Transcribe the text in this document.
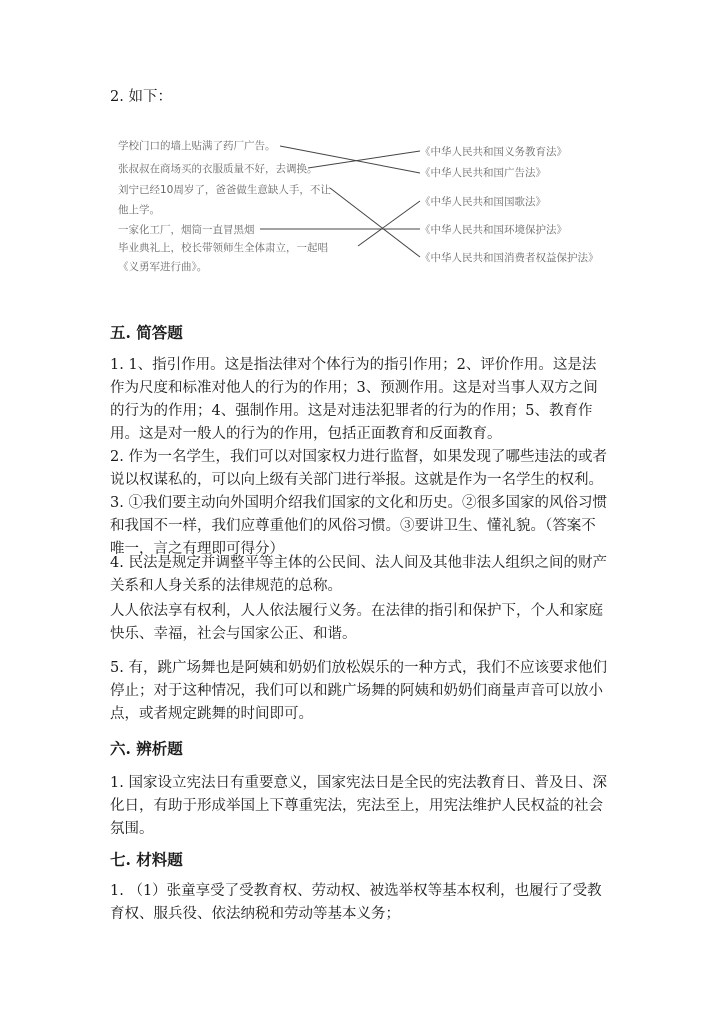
2. 如下：

学校门口的墙上贴满了药厂广告。
张叔叔在商场买的衣服质量不好，去调换。
刘宁已经10周岁了，爸爸做生意缺人手，不让
他上学。
一家化工厂，烟筒一直冒黑烟
毕业典礼上，校长带领师生全体肃立，一起唱
《义勇军进行曲》。
《中华人民共和国义务教育法》
《中华人民共和国广告法》
《中华人民共和国国歌法》
《中华人民共和国环境保护法》
《中华人民共和国消费者权益保护法》
五. 简答题

1. 1、指引作用。这是指法律对个体行为的指引作用；2、评价作用。这是法作为尺度和标准对他人的行为的作用；3、预测作用。这是对当事人双方之间的行为的作用；4、强制作用。这是对违法犯罪者的行为的作用；5、教育作用。这是对一般人的行为的作用，包括正面教育和反面教育。

2. 作为一名学生，我们可以对国家权力进行监督，如果发现了哪些违法的或者说以权谋私的，可以向上级有关部门进行举报。这就是作为一名学生的权利。

3. ①我们要主动向外国明介绍我们国家的文化和历史。②很多国家的风俗习惯和我国不一样，我们应尊重他们的风俗习惯。③要讲卫生、懂礼貌。（答案不唯一，言之有理即可得分）

4. 民法是规定并调整平等主体的公民间、法人间及其他非法人组织之间的财产关系和人身关系的法律规范的总称。

人人依法享有权利，人人依法履行义务。在法律的指引和保护下，个人和家庭快乐、幸福，社会与国家公正、和谐。

5. 有，跳广场舞也是阿姨和奶奶们放松娱乐的一种方式，我们不应该要求他们停止；对于这种情况，我们可以和跳广场舞的阿姨和奶奶们商量声音可以放小点，或者规定跳舞的时间即可。

六. 辨析题

1. 国家设立宪法日有重要意义，国家宪法日是全民的宪法教育日、普及日、深化日，有助于形成举国上下尊重宪法，宪法至上，用宪法维护人民权益的社会氛围。

七. 材料题

1. （1）张童享受了受教育权、劳动权、被选举权等基本权利，也履行了受教育权、服兵役、依法纳税和劳动等基本义务；
